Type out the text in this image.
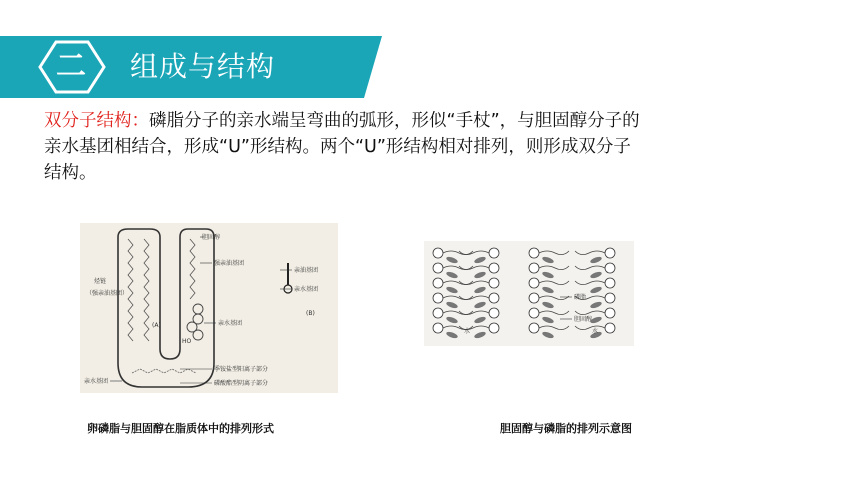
二	组成与结构
双分子结构：磷脂分子的亲水端呈弯曲的弧形，形似“手杖”，与胆固醇分子的
亲水基团相结合，形成“U”形结构。两个“U”形结构相对排列，则形成双分子
结构。
胆固醇
强亲油基团
亲油基团
亲水基团
亲水基团
烃链
（强亲油基团）
(A)
(B)
HO
季铵盐型阳离子部分
磷酸酯型阴离子部分
亲水基团
卵磷脂与胆固醇在脂质体中的排列形式
磷脂
胆固醇
水	水
胆固醇与磷脂的排列示意图
